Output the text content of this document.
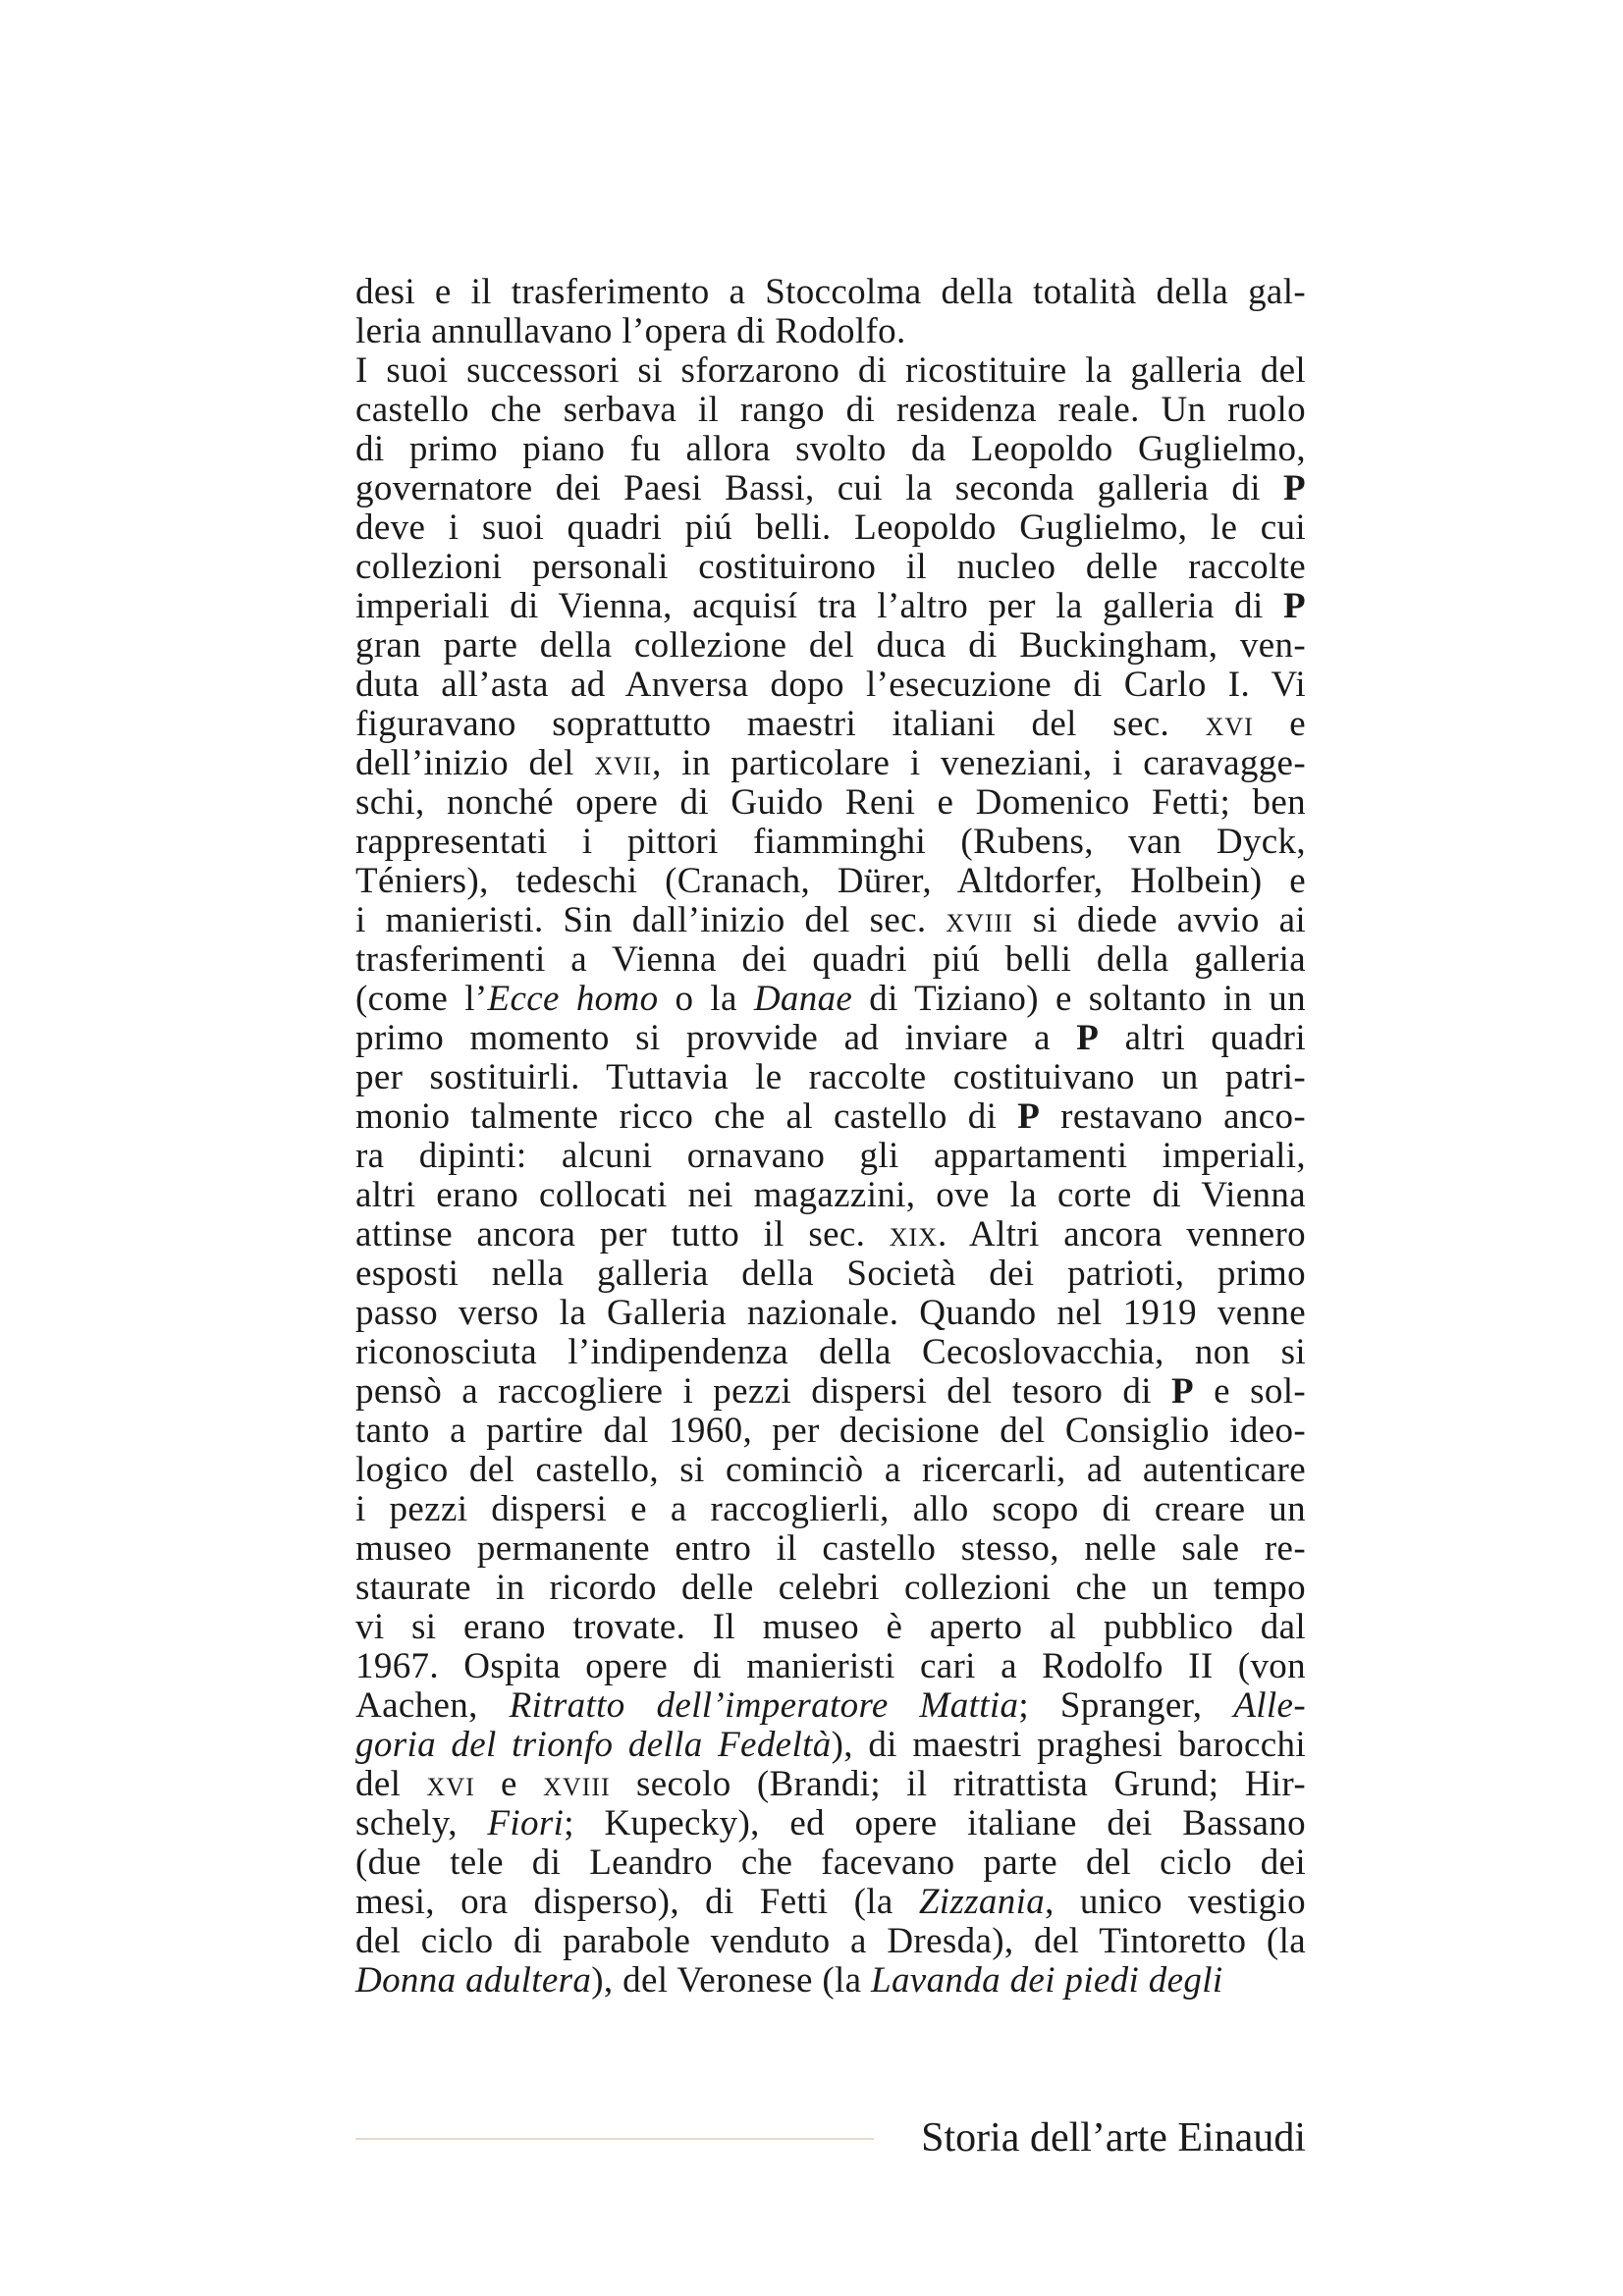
desi e il trasferimento a Stoccolma della totalità della gal-
leria annullavano l’opera di Rodolfo.
I suoi successori si sforzarono di ricostituire la galleria del
castello che serbava il rango di residenza reale. Un ruolo
di primo piano fu allora svolto da Leopoldo Guglielmo,
governatore dei Paesi Bassi, cui la seconda galleria di P
deve i suoi quadri piú belli. Leopoldo Guglielmo, le cui
collezioni personali costituirono il nucleo delle raccolte
imperiali di Vienna, acquisí tra l’altro per la galleria di P
gran parte della collezione del duca di Buckingham, ven-
duta all’asta ad Anversa dopo l’esecuzione di Carlo I. Vi
figuravano soprattutto maestri italiani del sec. xvi e
dell’inizio del xvii, in particolare i veneziani, i caravagge-
schi, nonché opere di Guido Reni e Domenico Fetti; ben
rappresentati i pittori fiamminghi (Rubens, van Dyck,
Téniers), tedeschi (Cranach, Dürer, Altdorfer, Holbein) e
i manieristi. Sin dall’inizio del sec. xviii si diede avvio ai
trasferimenti a Vienna dei quadri piú belli della galleria
(come l’Ecce homo o la Danae di Tiziano) e soltanto in un
primo momento si provvide ad inviare a P altri quadri
per sostituirli. Tuttavia le raccolte costituivano un patri-
monio talmente ricco che al castello di P restavano anco-
ra dipinti: alcuni ornavano gli appartamenti imperiali,
altri erano collocati nei magazzini, ove la corte di Vienna
attinse ancora per tutto il sec. xix. Altri ancora vennero
esposti nella galleria della Società dei patrioti, primo
passo verso la Galleria nazionale. Quando nel 1919 venne
riconosciuta l’indipendenza della Cecoslovacchia, non si
pensò a raccogliere i pezzi dispersi del tesoro di P e sol-
tanto a partire dal 1960, per decisione del Consiglio ideo-
logico del castello, si cominciò a ricercarli, ad autenticare
i pezzi dispersi e a raccoglierli, allo scopo di creare un
museo permanente entro il castello stesso, nelle sale re-
staurate in ricordo delle celebri collezioni che un tempo
vi si erano trovate. Il museo è aperto al pubblico dal
1967. Ospita opere di manieristi cari a Rodolfo II (von
Aachen, Ritratto dell’imperatore Mattia; Spranger, Alle-
goria del trionfo della Fedeltà), di maestri praghesi barocchi
del xvi e xviii secolo (Brandi; il ritrattista Grund; Hir-
schely, Fiori; Kupecky), ed opere italiane dei Bassano
(due tele di Leandro che facevano parte del ciclo dei
mesi, ora disperso), di Fetti (la Zizzania, unico vestigio
del ciclo di parabole venduto a Dresda), del Tintoretto (la
Donna adultera), del Veronese (la Lavanda dei piedi degli
Storia dell’arte Einaudi
